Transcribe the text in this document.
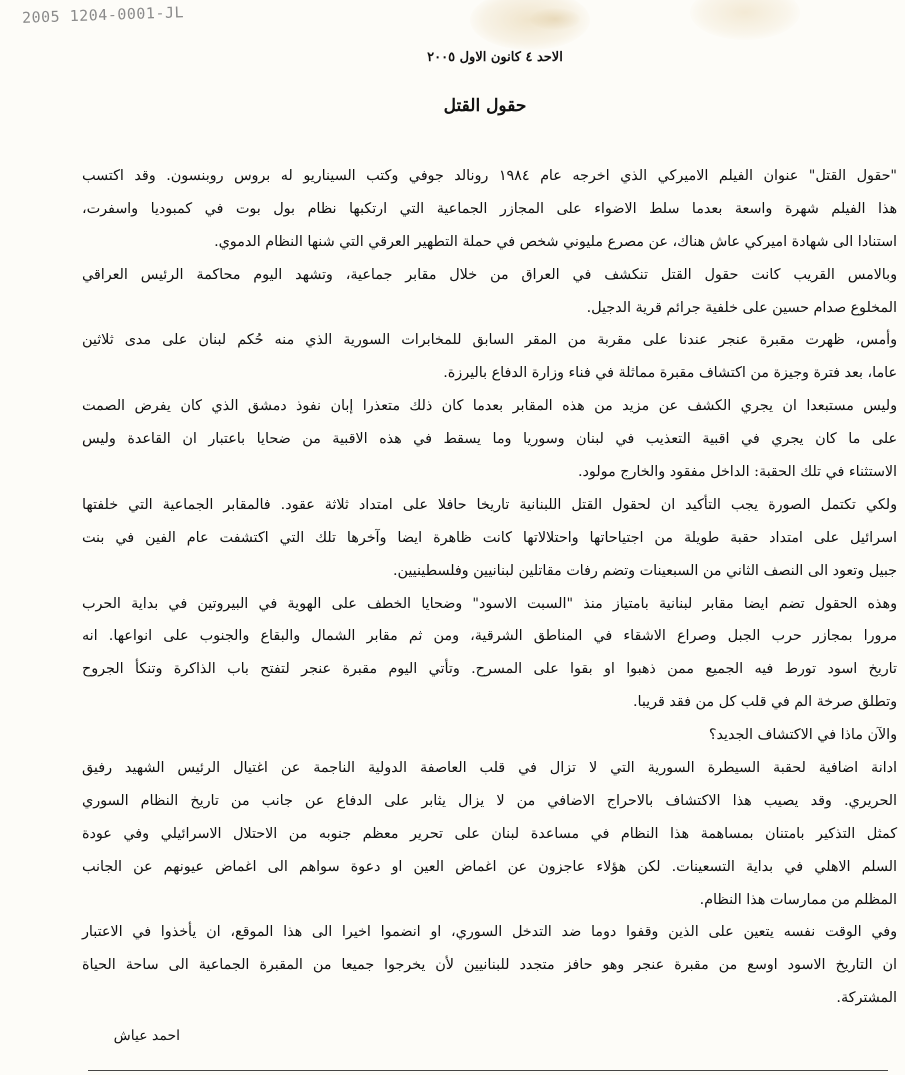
2005 1204-0001-JL
الاحد ٤ كانون الاول ٢٠٠٥
حقول القتل
"حقول القتل" عنوان الفيلم الاميركي الذي اخرجه عام ١٩٨٤ رونالد جوفي وكتب السيناريو له بروس روبنسون. وقد اكتسب
هذا الفيلم شهرة واسعة بعدما سلط الاضواء على المجازر الجماعية التي ارتكبها نظام بول بوت في كمبوديا واسفرت،
استنادا الى شهادة اميركي عاش هناك، عن مصرع مليوني شخص في حملة التطهير العرقي التي شنها النظام الدموي.
وبالامس القريب كانت حقول القتل تنكشف في العراق من خلال مقابر جماعية، وتشهد اليوم محاكمة الرئيس العراقي
المخلوع صدام حسين على خلفية جرائم قرية الدجيل.
وأمس، ظهرت مقبرة عنجر عندنا على مقربة من المقر السابق للمخابرات السورية الذي منه حُكم لبنان على مدى ثلاثين
عاما، بعد فترة وجيزة من اكتشاف مقبرة مماثلة في فناء وزارة الدفاع باليرزة.
وليس مستبعدا ان يجري الكشف عن مزيد من هذه المقابر بعدما كان ذلك متعذرا إبان نفوذ دمشق الذي كان يفرض الصمت
على ما كان يجري في اقبية التعذيب في لبنان وسوريا وما يسقط في هذه الاقبية من ضحايا باعتبار ان القاعدة وليس
الاستثناء في تلك الحقبة: الداخل مفقود والخارج مولود.
ولكي تكتمل الصورة يجب التأكيد ان لحقول القتل اللبنانية تاريخا حافلا على امتداد ثلاثة عقود. فالمقابر الجماعية التي خلفتها
اسرائيل على امتداد حقبة طويلة من اجتياحاتها واحتلالاتها كانت ظاهرة ايضا وآخرها تلك التي اكتشفت عام الفين في بنت
جبيل وتعود الى النصف الثاني من السبعينات وتضم رفات مقاتلين لبنانيين وفلسطينيين.
وهذه الحقول تضم ايضا مقابر لبنانية بامتياز منذ "السبت الاسود" وضحايا الخطف على الهوية في البيروتين في بداية الحرب
مرورا بمجازر حرب الجبل وصراع الاشقاء في المناطق الشرقية، ومن ثم مقابر الشمال والبقاع والجنوب على انواعها. انه
تاريخ اسود تورط فيه الجميع ممن ذهبوا او بقوا على المسرح. وتأتي اليوم مقبرة عنجر لتفتح باب الذاكرة وتنكأ الجروح
وتطلق صرخة الم في قلب كل من فقد قريبا.
والآن ماذا في الاكتشاف الجديد؟
ادانة اضافية لحقبة السيطرة السورية التي لا تزال في قلب العاصفة الدولية الناجمة عن اغتيال الرئيس الشهيد رفيق
الحريري. وقد يصيب هذا الاكتشاف بالاحراج الاضافي من لا يزال يثابر على الدفاع عن جانب من تاريخ النظام السوري
كمثل التذكير بامتنان بمساهمة هذا النظام في مساعدة لبنان على تحرير معظم جنوبه من الاحتلال الاسرائيلي وفي عودة
السلم الاهلي في بداية التسعينات. لكن هؤلاء عاجزون عن اغماض العين او دعوة سواهم الى اغماض عيونهم عن الجانب
المظلم من ممارسات هذا النظام.
وفي الوقت نفسه يتعين على الذين وقفوا دوما ضد التدخل السوري، او انضموا اخيرا الى هذا الموقع، ان يأخذوا في الاعتبار
ان التاريخ الاسود اوسع من مقبرة عنجر وهو حافز متجدد للبنانيين لأن يخرجوا جميعا من المقبرة الجماعية الى ساحة الحياة
المشتركة.
احمد عياش
